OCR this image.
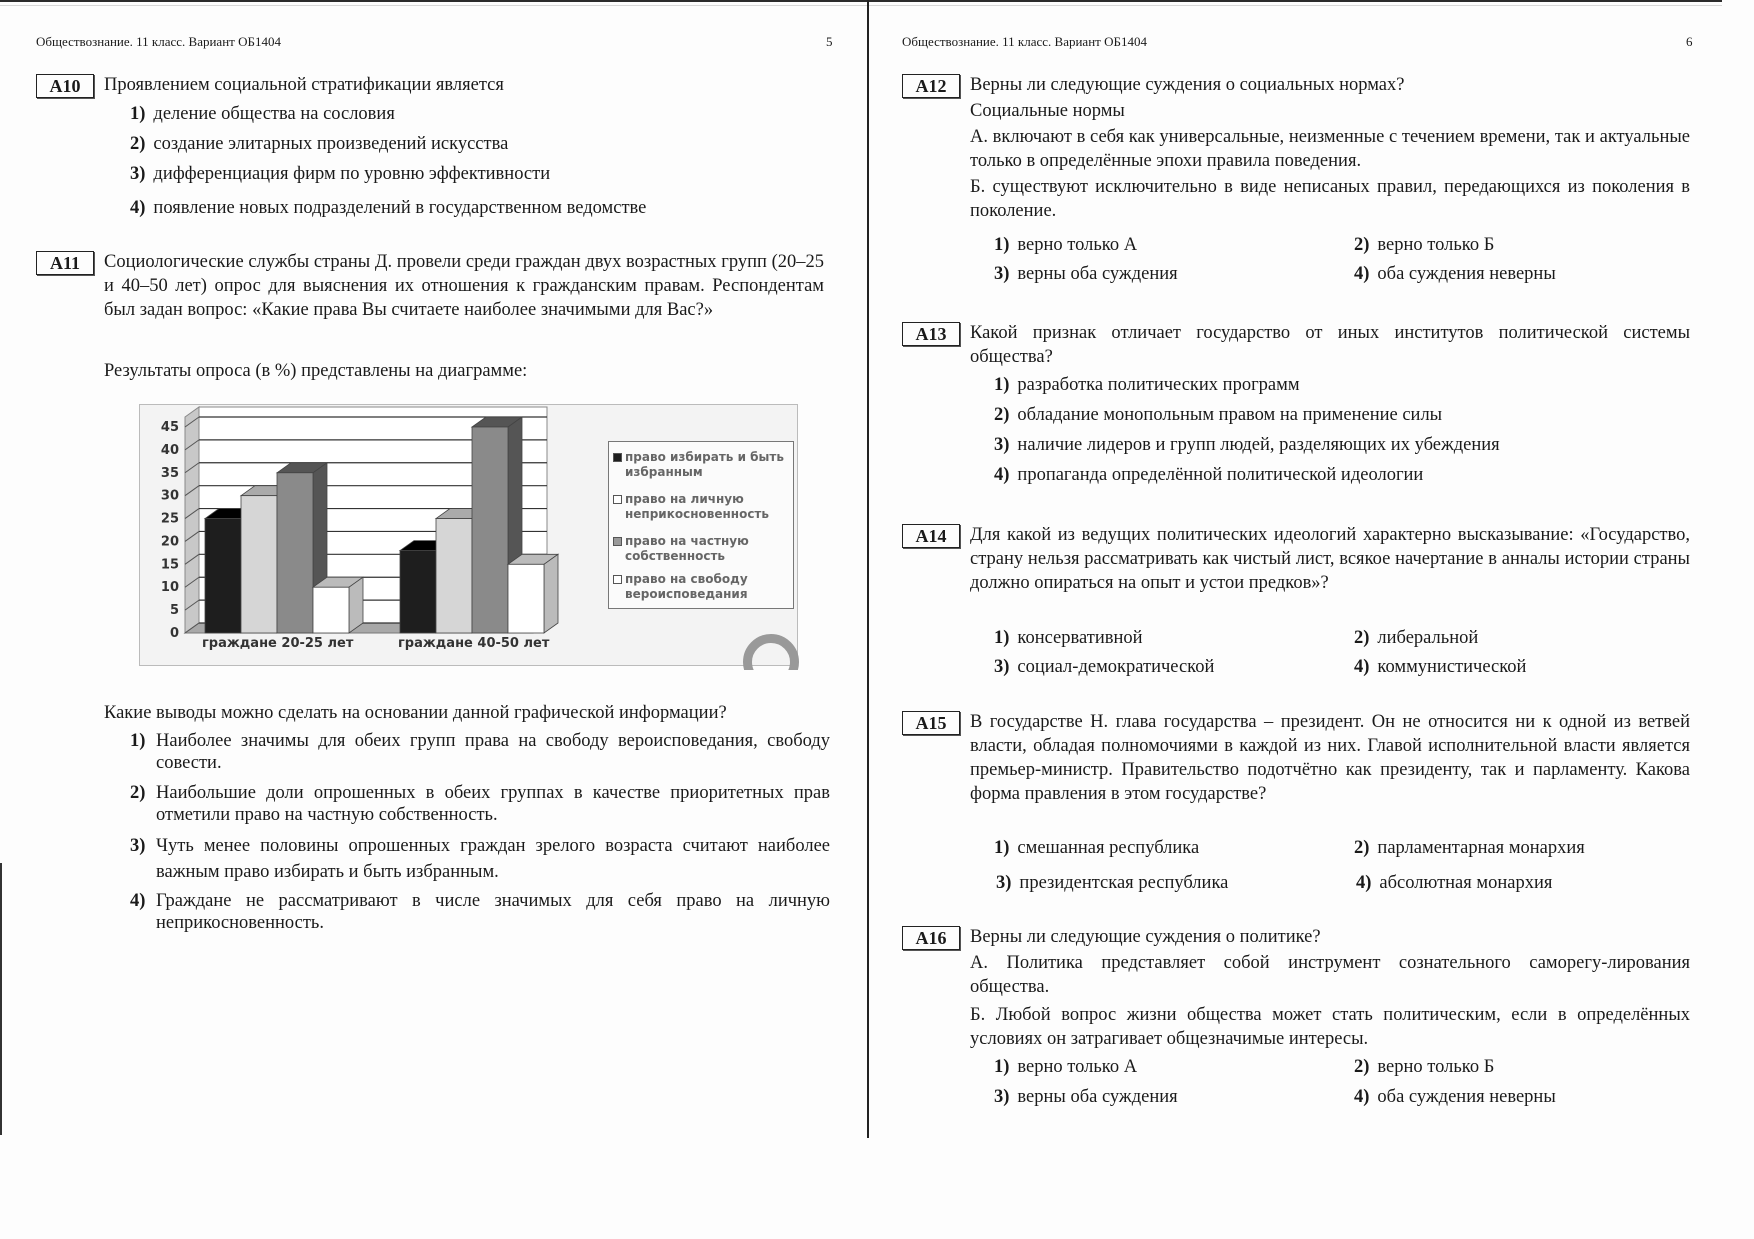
Обществознание. 11 класс. Вариант ОБ1404	5
A10	Проявлением социальной стратификации является
1) деление общества на сословия
2) создание элитарных произведений искусства
3) дифференциация фирм по уровню эффективности
4) появление новых подразделений в государственном ведомстве
A11	Социологические службы страны Д. провели среди граждан двух возрастных групп (20–25 и 40–50 лет) опрос для выяснения их отношения к гражданским правам. Респондентам был задан вопрос: «Какие права Вы считаете наиболее значимыми для Вас?»
Результаты опроса (в %) представлены на диаграмме:
0
5
10
15
20
25
30
35
40
45
право избирать и быть избранным
право на личную неприкосновенность
право на частную собственность
право на свободу вероисповедания
граждане 20-25 лет	граждане 40-50 лет
Какие выводы можно сделать на основании данной графической информации?
1) Наиболее значимы для обеих групп права на свободу вероисповедания, свободу совести.
2) Наибольшие доли опрошенных в обеих группах в качестве приоритетных прав отметили право на частную собственность.
3) Чуть менее половины опрошенных граждан зрелого возраста считают наиболее важным право избирать и быть избранным.
4) Граждане не рассматривают в числе значимых для себя право на личную неприкосновенность.
Обществознание. 11 класс. Вариант ОБ1404	6
A12	Верны ли следующие суждения о социальных нормах?
Социальные нормы
А. включают в себя как универсальные, неизменные с течением времени, так и актуальные только в определённые эпохи правила поведения.
Б. существуют исключительно в виде неписаных правил, передающихся из поколения в поколение.
1) верно только А	2) верно только Б
3) верны оба суждения	4) оба суждения неверны
A13	Какой признак отличает государство от иных институтов политической системы общества?
1) разработка политических программ
2) обладание монопольным правом на применение силы
3) наличие лидеров и групп людей, разделяющих их убеждения
4) пропаганда определённой политической идеологии
A14	Для какой из ведущих политических идеологий характерно высказывание: «Государство, страну нельзя рассматривать как чистый лист, всякое начертание в анналы истории страны должно опираться на опыт и устои предков»?
1) консервативной	2) либеральной
3) социал-демократической	4) коммунистической
A15	В государстве Н. глава государства – президент. Он не относится ни к одной из ветвей власти, обладая полномочиями в каждой из них. Главой исполнительной власти является премьер-министр. Правительство подотчётно как президенту, так и парламенту. Какова форма правления в этом государстве?
1) смешанная республика	2) парламентарная монархия
3) президентская республика	4) абсолютная монархия
A16	Верны ли следующие суждения о политике?
А. Политика представляет собой инструмент сознательного саморегу-лирования общества.
Б. Любой вопрос жизни общества может стать политическим, если в определённых условиях он затрагивает общезначимые интересы.
1) верно только А	2) верно только Б
3) верны оба суждения	4) оба суждения неверны
